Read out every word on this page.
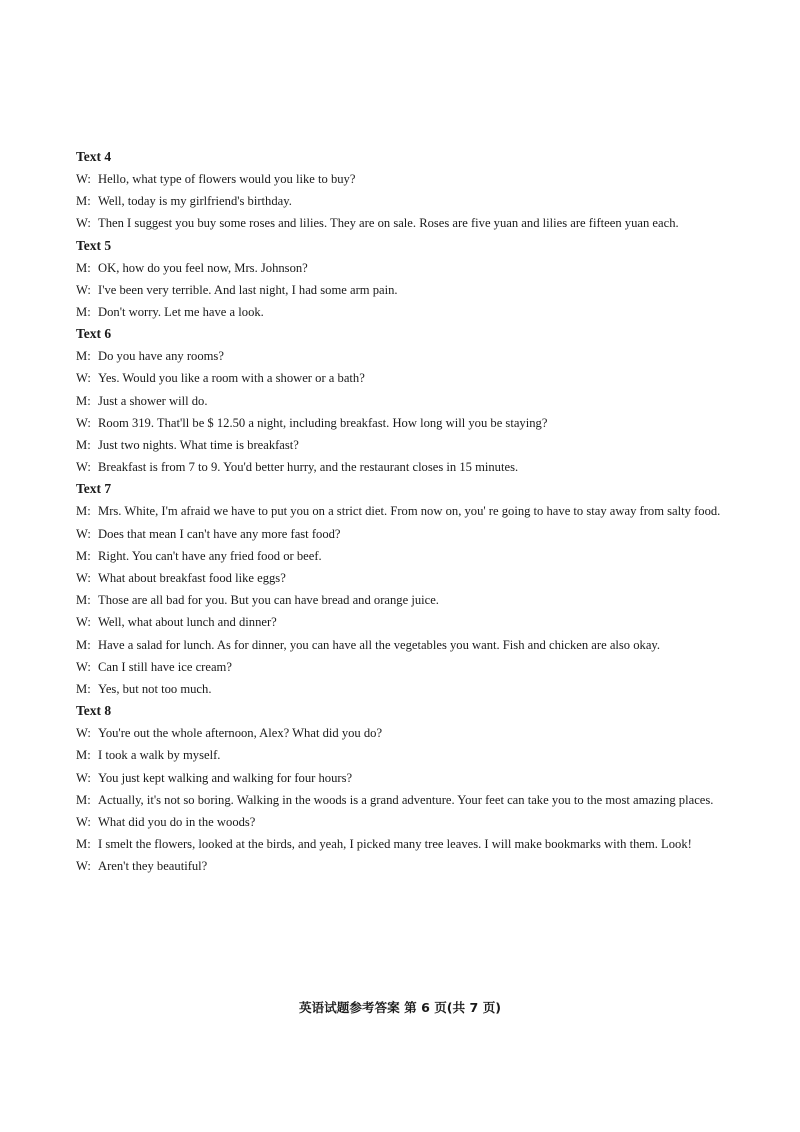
Text 4
W: Hello, what type of flowers would you like to buy?
M: Well, today is my girlfriend's birthday.
W: Then I suggest you buy some roses and lilies. They are on sale. Roses are five yuan and lilies are fifteen yuan each.
Text 5
M: OK, how do you feel now, Mrs. Johnson?
W: I've been very terrible. And last night, I had some arm pain.
M: Don't worry. Let me have a look.
Text 6
M: Do you have any rooms?
W: Yes. Would you like a room with a shower or a bath?
M: Just a shower will do.
W: Room 319. That'll be $ 12.50 a night, including breakfast. How long will you be staying?
M: Just two nights. What time is breakfast?
W: Breakfast is from 7 to 9. You'd better hurry, and the restaurant closes in 15 minutes.
Text 7
M: Mrs. White, I'm afraid we have to put you on a strict diet. From now on, you' re going to have to stay away from salty food.
W: Does that mean I can't have any more fast food?
M: Right. You can't have any fried food or beef.
W: What about breakfast food like eggs?
M: Those are all bad for you. But you can have bread and orange juice.
W: Well, what about lunch and dinner?
M: Have a salad for lunch. As for dinner, you can have all the vegetables you want. Fish and chicken are also okay.
W: Can I still have ice cream?
M: Yes, but not too much.
Text 8
W: You're out the whole afternoon, Alex? What did you do?
M: I took a walk by myself.
W: You just kept walking and walking for four hours?
M: Actually, it's not so boring. Walking in the woods is a grand adventure. Your feet can take you to the most amazing places.
W: What did you do in the woods?
M: I smelt the flowers, looked at the birds, and yeah, I picked many tree leaves. I will make bookmarks with them. Look!
W: Aren't they beautiful?
英语试题参考答案 第 6 页(共 7 页)
